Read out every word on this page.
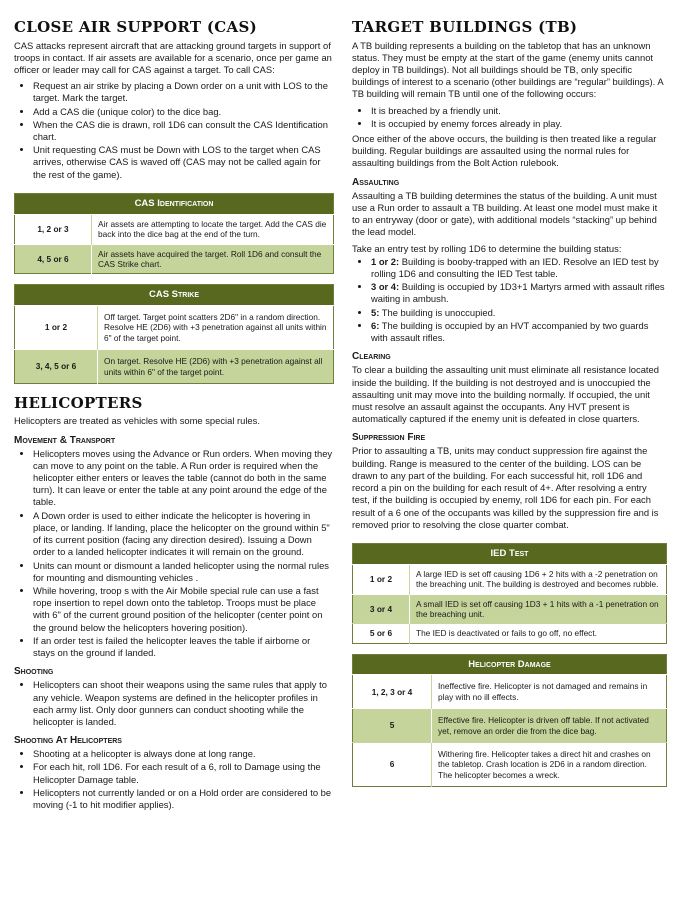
CLOSE AIR SUPPORT (CAS)

CAS attacks represent aircraft that are attacking ground targets in support of troops in contact. If air assets are available for a scenario, once per game an officer or leader may call for CAS against a target. To call CAS:

• Request an air strike by placing a Down order on a unit with LOS to the target. Mark the target.
• Add a CAS die (unique color) to the dice bag.
• When the CAS die is drawn, roll 1D6 can consult the CAS Identification chart.
• Unit requesting CAS must be Down with LOS to the target when CAS arrives, otherwise CAS is waved off (CAS may not be called again for the rest of the game).
CAS Identification	
1, 2 or 3	Air assets are attempting to locate the target. Add the CAS die back into the dice bag at the end of the turn.
4, 5 or 6	Air assets have acquired the target. Roll 1D6 and consult the CAS Strike chart.
CAS Strike	
1 or 2	Off target. Target point scatters 2D6" in a random direction. Resolve HE (2D6) with +3 penetration against all units within 6" of the target point.
3, 4, 5 or 6	On target. Resolve HE (2D6) with +3 penetration against all units within 6" of the target point.
HELICOPTERS

Helicopters are treated as vehicles with some special rules.

Movement & Transport
• Helicopters moves using the Advance or Run orders. When moving they can move to any point on the table. A Run order is required when the helicopter either enters or leaves the table (cannot do both in the same turn). It can leave or enter the table at any point around the edge of the table.
• A Down order is used to either indicate the helicopter is hovering in place, or landing. If landing, place the helicopter on the ground within 5" of its current position (facing any direction desired). Issuing a Down order to a landed helicopter indicates it will remain on the ground.
• Units can mount or dismount a landed helicopter using the normal rules for mounting and dismounting vehicles .
• While hovering, troop s with the Air Mobile special rule can use a fast rope insertion to repel down onto the tabletop. Troops must be place with 6" of the current ground position of the helicopter (center point on the ground below the helicopters hovering position).
• If an order test is failed the helicopter leaves the table if airborne or stays on the ground if landed.
Shooting
• Helicopters can shoot their weapons using the same rules that apply to any vehicle. Weapon systems are defined in the helicopter profiles in each army list. Only door gunners can conduct shooting while the helicopter is landed.
Shooting At Helicopters
• Shooting at a helicopter is always done at long range.
• For each hit, roll 1D6. For each result of a 6, roll to Damage using the Helicopter Damage table.
• Helicopters not currently landed or on a Hold order are considered to be moving (-1 to hit modifier applies).
TARGET BUILDINGS (TB)

A TB building represents a building on the tabletop that has an unknown status. They must be empty at the start of the game (enemy units cannot deploy in TB buildings). Not all buildings should be TB, only specific buildings of interest to a scenario (other buildings are “regular” buildings). A TB building will remain TB until one of the following occurs:

• It is breached by a friendly unit.
• It is occupied by enemy forces already in play.

Once either of the above occurs, the building is then treated like a regular building. Regular buildings are assaulted using the normal rules for assaulting buildings from the Bolt Action rulebook.

Assaulting

Assaulting a TB building determines the status of the building. A unit must use a Run order to assault a TB building. At least one model must make it to an entryway (door or gate), with additional models “stacking” up behind the lead model.

Take an entry test by rolling 1D6 to determine the building status:

• 1 or 2: Building is booby-trapped with an IED. Resolve an IED test by rolling 1D6 and consulting the IED Test table.
• 3 or 4: Building is occupied by 1D3+1 Martyrs armed with assault rifles waiting in ambush.
• 5: The building is unoccupied.
• 6: The building is occupied by an HVT accompanied by two guards with assault rifles.
Clearing

To clear a building the assaulting unit must eliminate all resistance located inside the building. If the building is not destroyed and is unoccupied the assaulting unit may move into the building normally. If occupied, the unit must resolve an assault against the occupants. Any HVT present is automatically captured if the enemy unit is defeated in close quarters.

Suppression Fire

Prior to assaulting a TB, units may conduct suppression fire against the building. Range is measured to the center of the building. LOS can be drawn to any part of the building. For each successful hit, roll 1D6 and record a pin on the building for each result of 4+. After resolving a entry test, if the building is occupied by enemy, roll 1D6 for each pin. For each result of a 6 one of the occupants was killed by the suppression fire and is removed prior to resolving the close quarter combat.

IED Test	
1 or 2	A large IED is set off causing 1D6 + 2 hits with a -2 penetration on the breaching unit. The building is destroyed and becomes rubble.
3 or 4	A small IED is set off causing 1D3 + 1 hits with a -1 penetration on the breaching unit.
5 or 6	The IED is deactivated or fails to go off, no effect.
Helicopter Damage	
1, 2, 3 or 4	Ineffective fire. Helicopter is not damaged and remains in play with no ill effects.
5	Effective fire. Helicopter is driven off table. If not activated yet, remove an order die from the dice bag.
6	Withering fire. Helicopter takes a direct hit and crashes on the tabletop. Crash location is 2D6 in a random direction. The helicopter becomes a wreck.
